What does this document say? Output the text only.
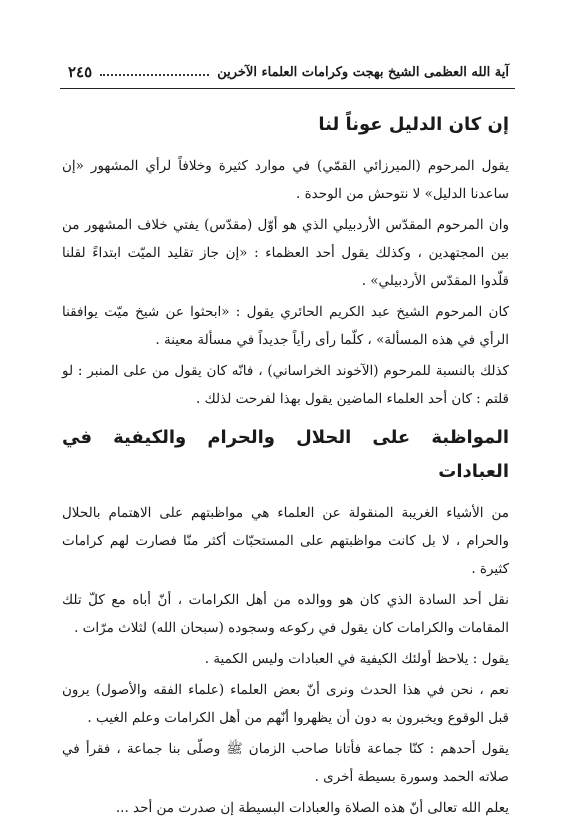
آية الله العظمى الشيخ بهجت وكرامات العلماء الآخرين
٢٤٥
إن كان الدليل عوناً لنا

يقول المرحوم (الميرزائي القمّي) في موارد كثيرة وخلافاً لرأي المشهور «إن ساعدنا الدليل» لا نتوحش من الوحدة .

وان المرحوم المقدّس الأردبيلي الذي هو أوّل (مقدّس) يفتي خلاف المشهور من بين المجتهدين ، وكذلك يقول أحد العظماء : «إن جاز تقليد الميّت ابتداءً لقلنا قلّدوا المقدّس الأردبيلي» .

كان المرحوم الشيخ عبد الكريم الحائري يقول : «ابحثوا عن شيخ ميّت يوافقنا الرأي في هذه المسألة» ، كلّما رأى رأياً جديداً في مسألة معينة .

كذلك بالنسبة للمرحوم (الآخوند الخراساني) ، فانّه كان يقول من على المنبر : لو قلتم : كان أحد العلماء الماضين يقول بهذا لفرحت لذلك .

المواظبة على الحلال والحرام والكيفية في العبادات

من الأشياء الغريبة المنقولة عن العلماء هي مواظبتهم على الاهتمام بالحلال والحرام ، لا بل كانت مواظبتهم على المستحبّات أكثر منّا فصارت لهم كرامات كثيرة .

نقل أحد السادة الذي كان هو ووالده من أهل الكرامات ، أنّ أباه مع كلّ تلك المقامات والكرامات كان يقول في ركوعه وسجوده (سبحان الله) لثلاث مرّات .

يقول : يلاحظ أولئك الكيفية في العبادات وليس الكمية .

نعم ، نحن في هذا الحدث ونرى أنّ بعض العلماء (علماء الفقه والأصول) يرون قبل الوقوع ويخبرون به دون أن يظهروا أنّهم من أهل الكرامات وعلم الغيب .

يقول أحدهم : كنّا جماعة فأتانا صاحب الزمان ﷺ وصلّى بنا جماعة ، فقرأ في صلاته الحمد وسورة بسيطة أخرى .

يعلم الله تعالى أنّ هذه الصلاة والعبادات البسيطة إن صدرت من أحد ...
